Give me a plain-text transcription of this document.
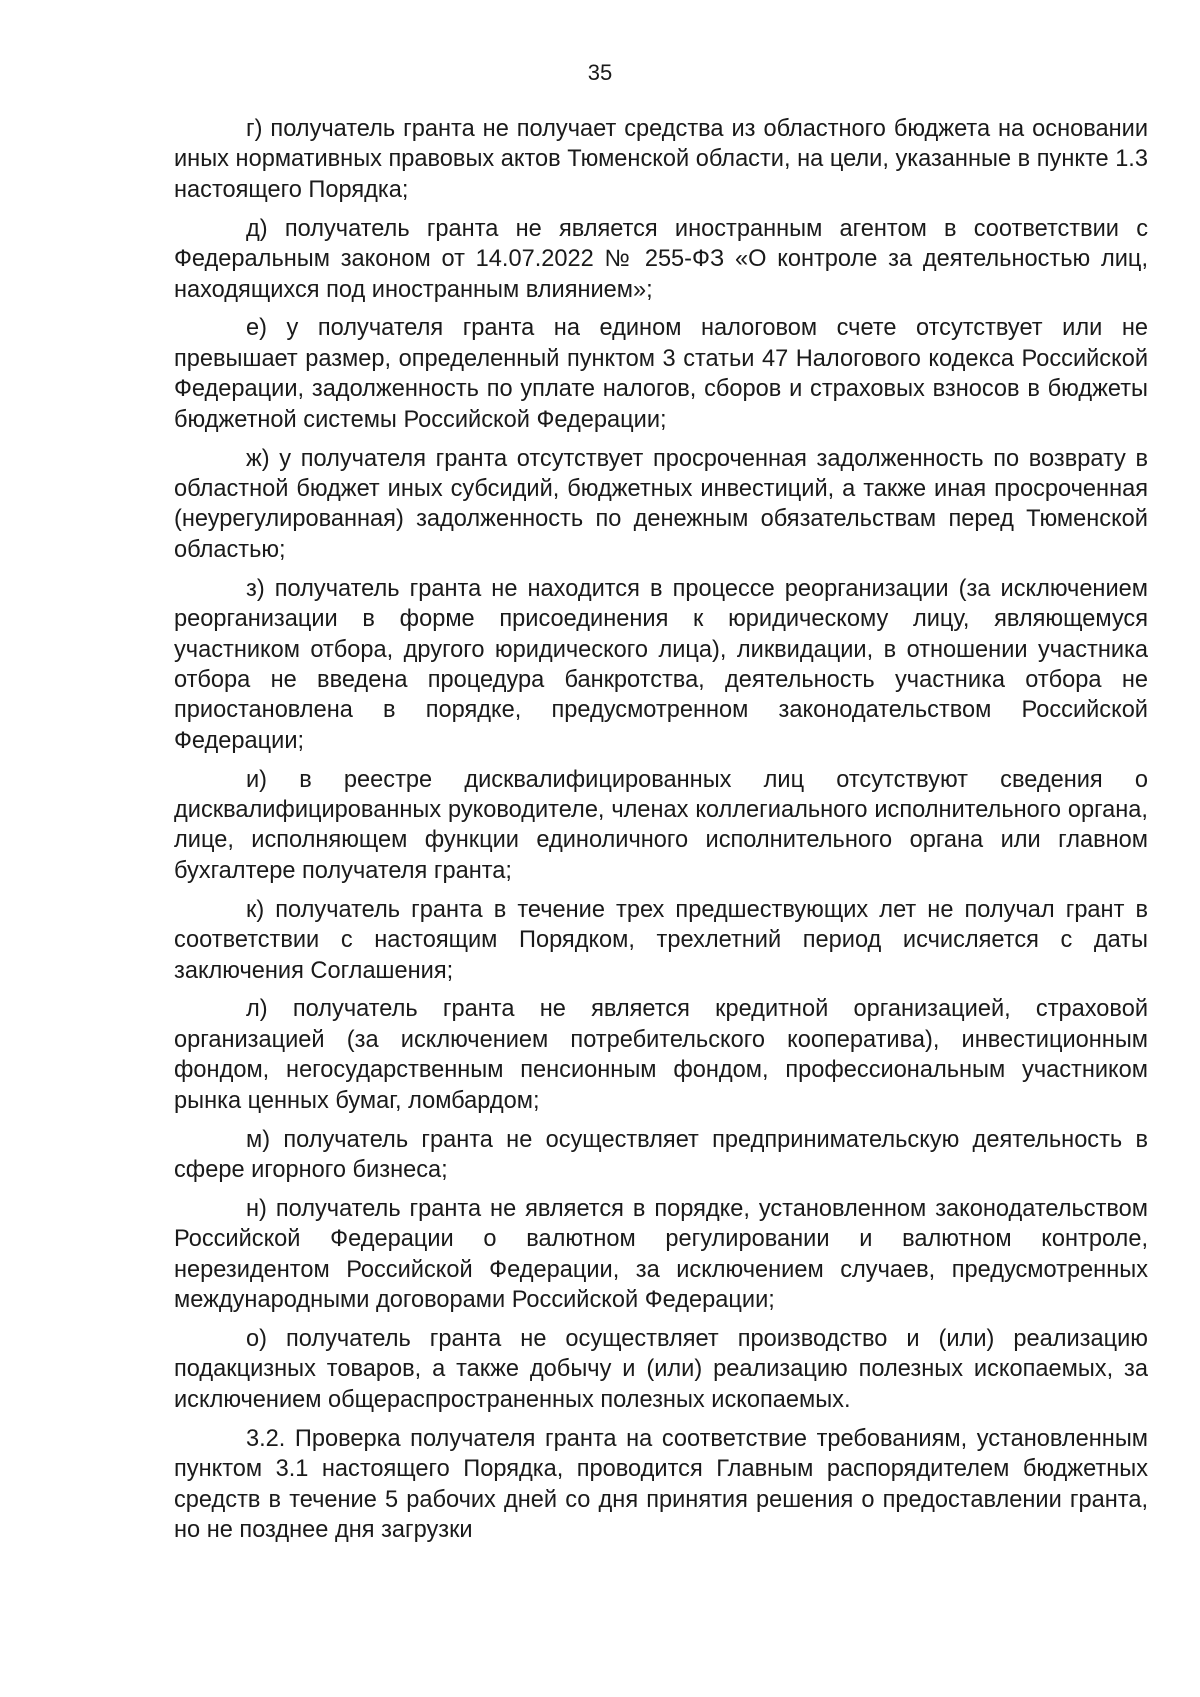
35

г) получатель гранта не получает средства из областного бюджета на основании иных нормативных правовых актов Тюменской области, на цели, указанные в пункте 1.3 настоящего Порядка;

д) получатель гранта не является иностранным агентом в соответствии с Федеральным законом от 14.07.2022 № 255-ФЗ «О контроле за деятельностью лиц, находящихся под иностранным влиянием»;

е) у получателя гранта на едином налоговом счете отсутствует или не превышает размер, определенный пунктом 3 статьи 47 Налогового кодекса Российской Федерации, задолженность по уплате налогов, сборов и страховых взносов в бюджеты бюджетной системы Российской Федерации;

ж) у получателя гранта отсутствует просроченная задолженность по возврату в областной бюджет иных субсидий, бюджетных инвестиций, а также иная просроченная (неурегулированная) задолженность по денежным обязательствам перед Тюменской областью;

з) получатель гранта не находится в процессе реорганизации (за исключением реорганизации в форме присоединения к юридическому лицу, являющемуся участником отбора, другого юридического лица), ликвидации, в отношении участника отбора не введена процедура банкротства, деятельность участника отбора не приостановлена в порядке, предусмотренном законодательством Российской Федерации;

и) в реестре дисквалифицированных лиц отсутствуют сведения о дисквалифицированных руководителе, членах коллегиального исполнительного органа, лице, исполняющем функции единоличного исполнительного органа или главном бухгалтере получателя гранта;

к) получатель гранта в течение трех предшествующих лет не получал грант в соответствии с настоящим Порядком, трехлетний период исчисляется с даты заключения Соглашения;

л) получатель гранта не является кредитной организацией, страховой организацией (за исключением потребительского кооператива), инвестиционным фондом, негосударственным пенсионным фондом, профессиональным участником рынка ценных бумаг, ломбардом;

м) получатель гранта не осуществляет предпринимательскую деятельность в сфере игорного бизнеса;

н) получатель гранта не является в порядке, установленном законодательством Российской Федерации о валютном регулировании и валютном контроле, нерезидентом Российской Федерации, за исключением случаев, предусмотренных международными договорами Российской Федерации;

о) получатель гранта не осуществляет производство и (или) реализацию подакцизных товаров, а также добычу и (или) реализацию полезных ископаемых, за исключением общераспространенных полезных ископаемых.

3.2. Проверка получателя гранта на соответствие требованиям, установленным пунктом 3.1 настоящего Порядка, проводится Главным распорядителем бюджетных средств в течение 5 рабочих дней со дня принятия решения о предоставлении гранта, но не позднее дня загрузки
